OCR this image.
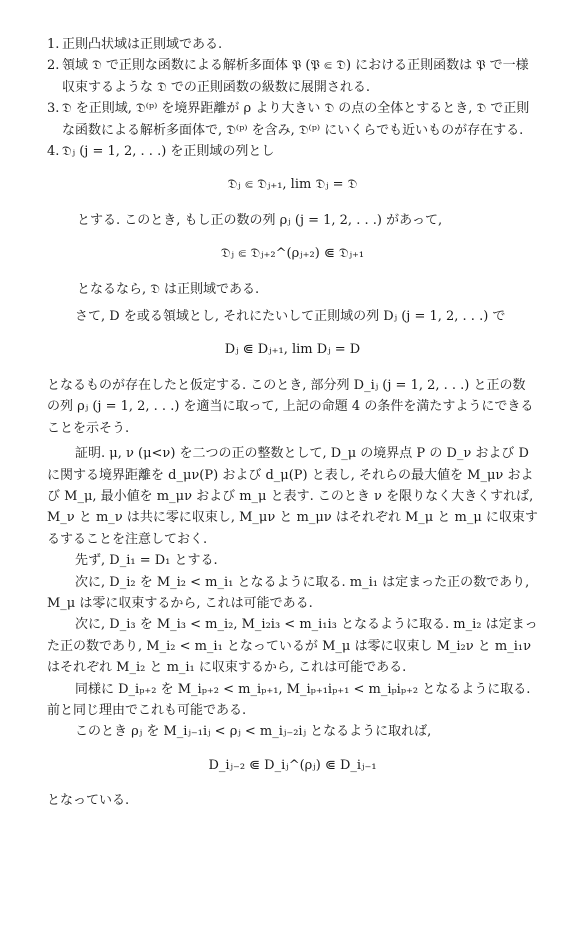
1. 正則凸状域は正則域である.
2. 領域 𝔇 で正則な函数による解析多面体 𝔓 (𝔓 ⋐ 𝔇) における正則函数は 𝔓 で一様収束するような 𝔇 での正則函数の級数に展開される.
3. 𝔇 を正則域, 𝔇⁽ᵖ⁾ を境界距離が ρ より大きい 𝔇 の点の全体とするとき, 𝔇 で正則な函数による解析多面体で, 𝔇⁽ᵖ⁾ を含み, 𝔇⁽ᵖ⁾ にいくらでも近いものが存在する.
4. 𝔇ⱼ (j = 1, 2, . . .) を正則域の列とし
𝔇ⱼ ⋐ 𝔇ⱼ₊₁, lim 𝔇ⱼ = 𝔇
とする. このとき, もし正の数の列 ρⱼ (j = 1, 2, . . .) があって,
𝔇ⱼ ⋐ 𝔇ⱼ₊₂^(ρⱼ₊₂) ⋐ 𝔇ⱼ₊₁
となるなら, 𝔇 は正則域である.
さて, D を或る領域とし, それにたいして正則域の列 Dⱼ (j = 1, 2, . . .) で
Dⱼ ⋐ Dⱼ₊₁, lim Dⱼ = D
となるものが存在したと仮定する. このとき, 部分列 D_iⱼ (j = 1, 2, . . .) と正の数の列 ρⱼ (j = 1, 2, . . .) を適当に取って, 上記の命題 4 の条件を満たすようにできることを示そう.
証明. μ, ν (μ<ν) を二つの正の整数として, D_μ の境界点 P の D_ν および D に関する境界距離を d_μν(P) および d_μ(P) と表し, それらの最大値を M_μν および M_μ, 最小値を m_μν および m_μ と表す. このとき ν を限りなく大きくすれば, M_ν と m_ν は共に零に収束し, M_μν と m_μν はそれぞれ M_μ と m_μ に収束するすることを注意しておく.
先ず, D_i₁ = D₁ とする.
次に, D_i₂ を M_i₂ < m_i₁ となるように取る. m_i₁ は定まった正の数であり, M_μ は零に収束するから, これは可能である.
次に, D_i₃ を M_i₃ < m_i₂, M_i₂i₃ < m_i₁i₃ となるように取る. m_i₂ は定まった正の数であり, M_i₂ < m_i₁ となっているが M_μ は零に収束し M_i₂ν と m_i₁ν はそれぞれ M_i₂ と m_i₁ に収束するから, これは可能である.
同様に D_iₚ₊₂ を M_iₚ₊₂ < m_iₚ₊₁, M_iₚ₊₁iₚ₊₁ < m_iₚiₚ₊₂ となるように取る. 前と同じ理由でこれも可能である.
このとき ρⱼ を M_iⱼ₋₁iⱼ < ρⱼ < m_iⱼ₋₂iⱼ となるように取れば,
D_iⱼ₋₂ ⋐ D_iⱼ^(ρⱼ) ⋐ D_iⱼ₋₁
となっている.
